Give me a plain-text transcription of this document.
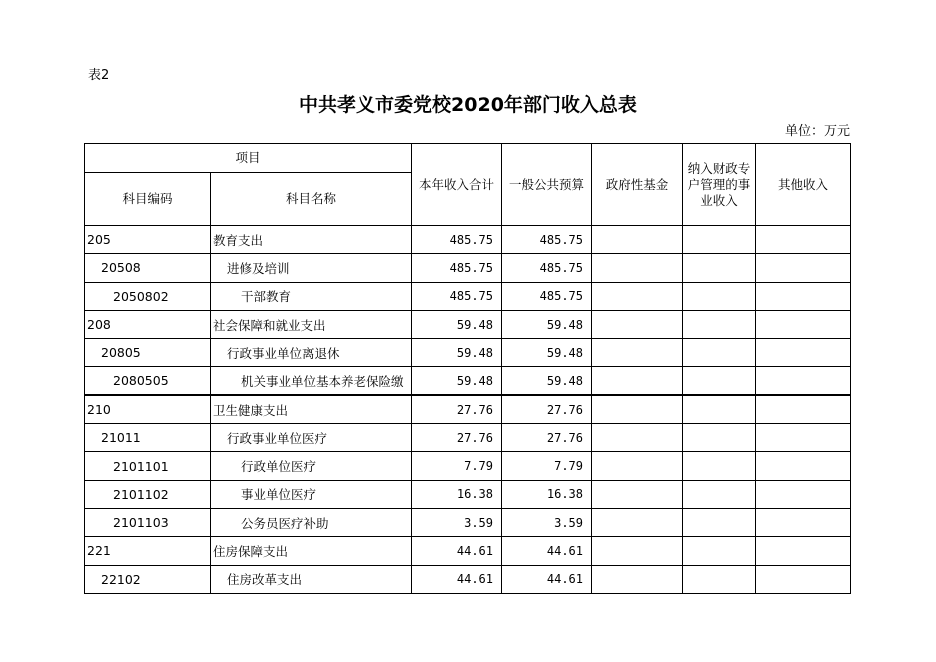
表2
中共孝义市委党校2020年部门收入总表
单位：万元
项目		本年收入合计	一般公共预算	政府性基金	纳入财政专户管理的事业收入	其他收入
科目编码	科目名称					
205	教育支出	485.75	485.75			
20508	进修及培训	485.75	485.75			
2050802	干部教育	485.75	485.75			
208	社会保障和就业支出	59.48	59.48			
20805	行政事业单位离退休	59.48	59.48			
2080505	机关事业单位基本养老保险缴	59.48	59.48			
210	卫生健康支出	27.76	27.76			
21011	行政事业单位医疗	27.76	27.76			
2101101	行政单位医疗	7.79	7.79			
2101102	事业单位医疗	16.38	16.38			
2101103	公务员医疗补助	3.59	3.59			
221	住房保障支出	44.61	44.61			
22102	住房改革支出	44.61	44.61			
